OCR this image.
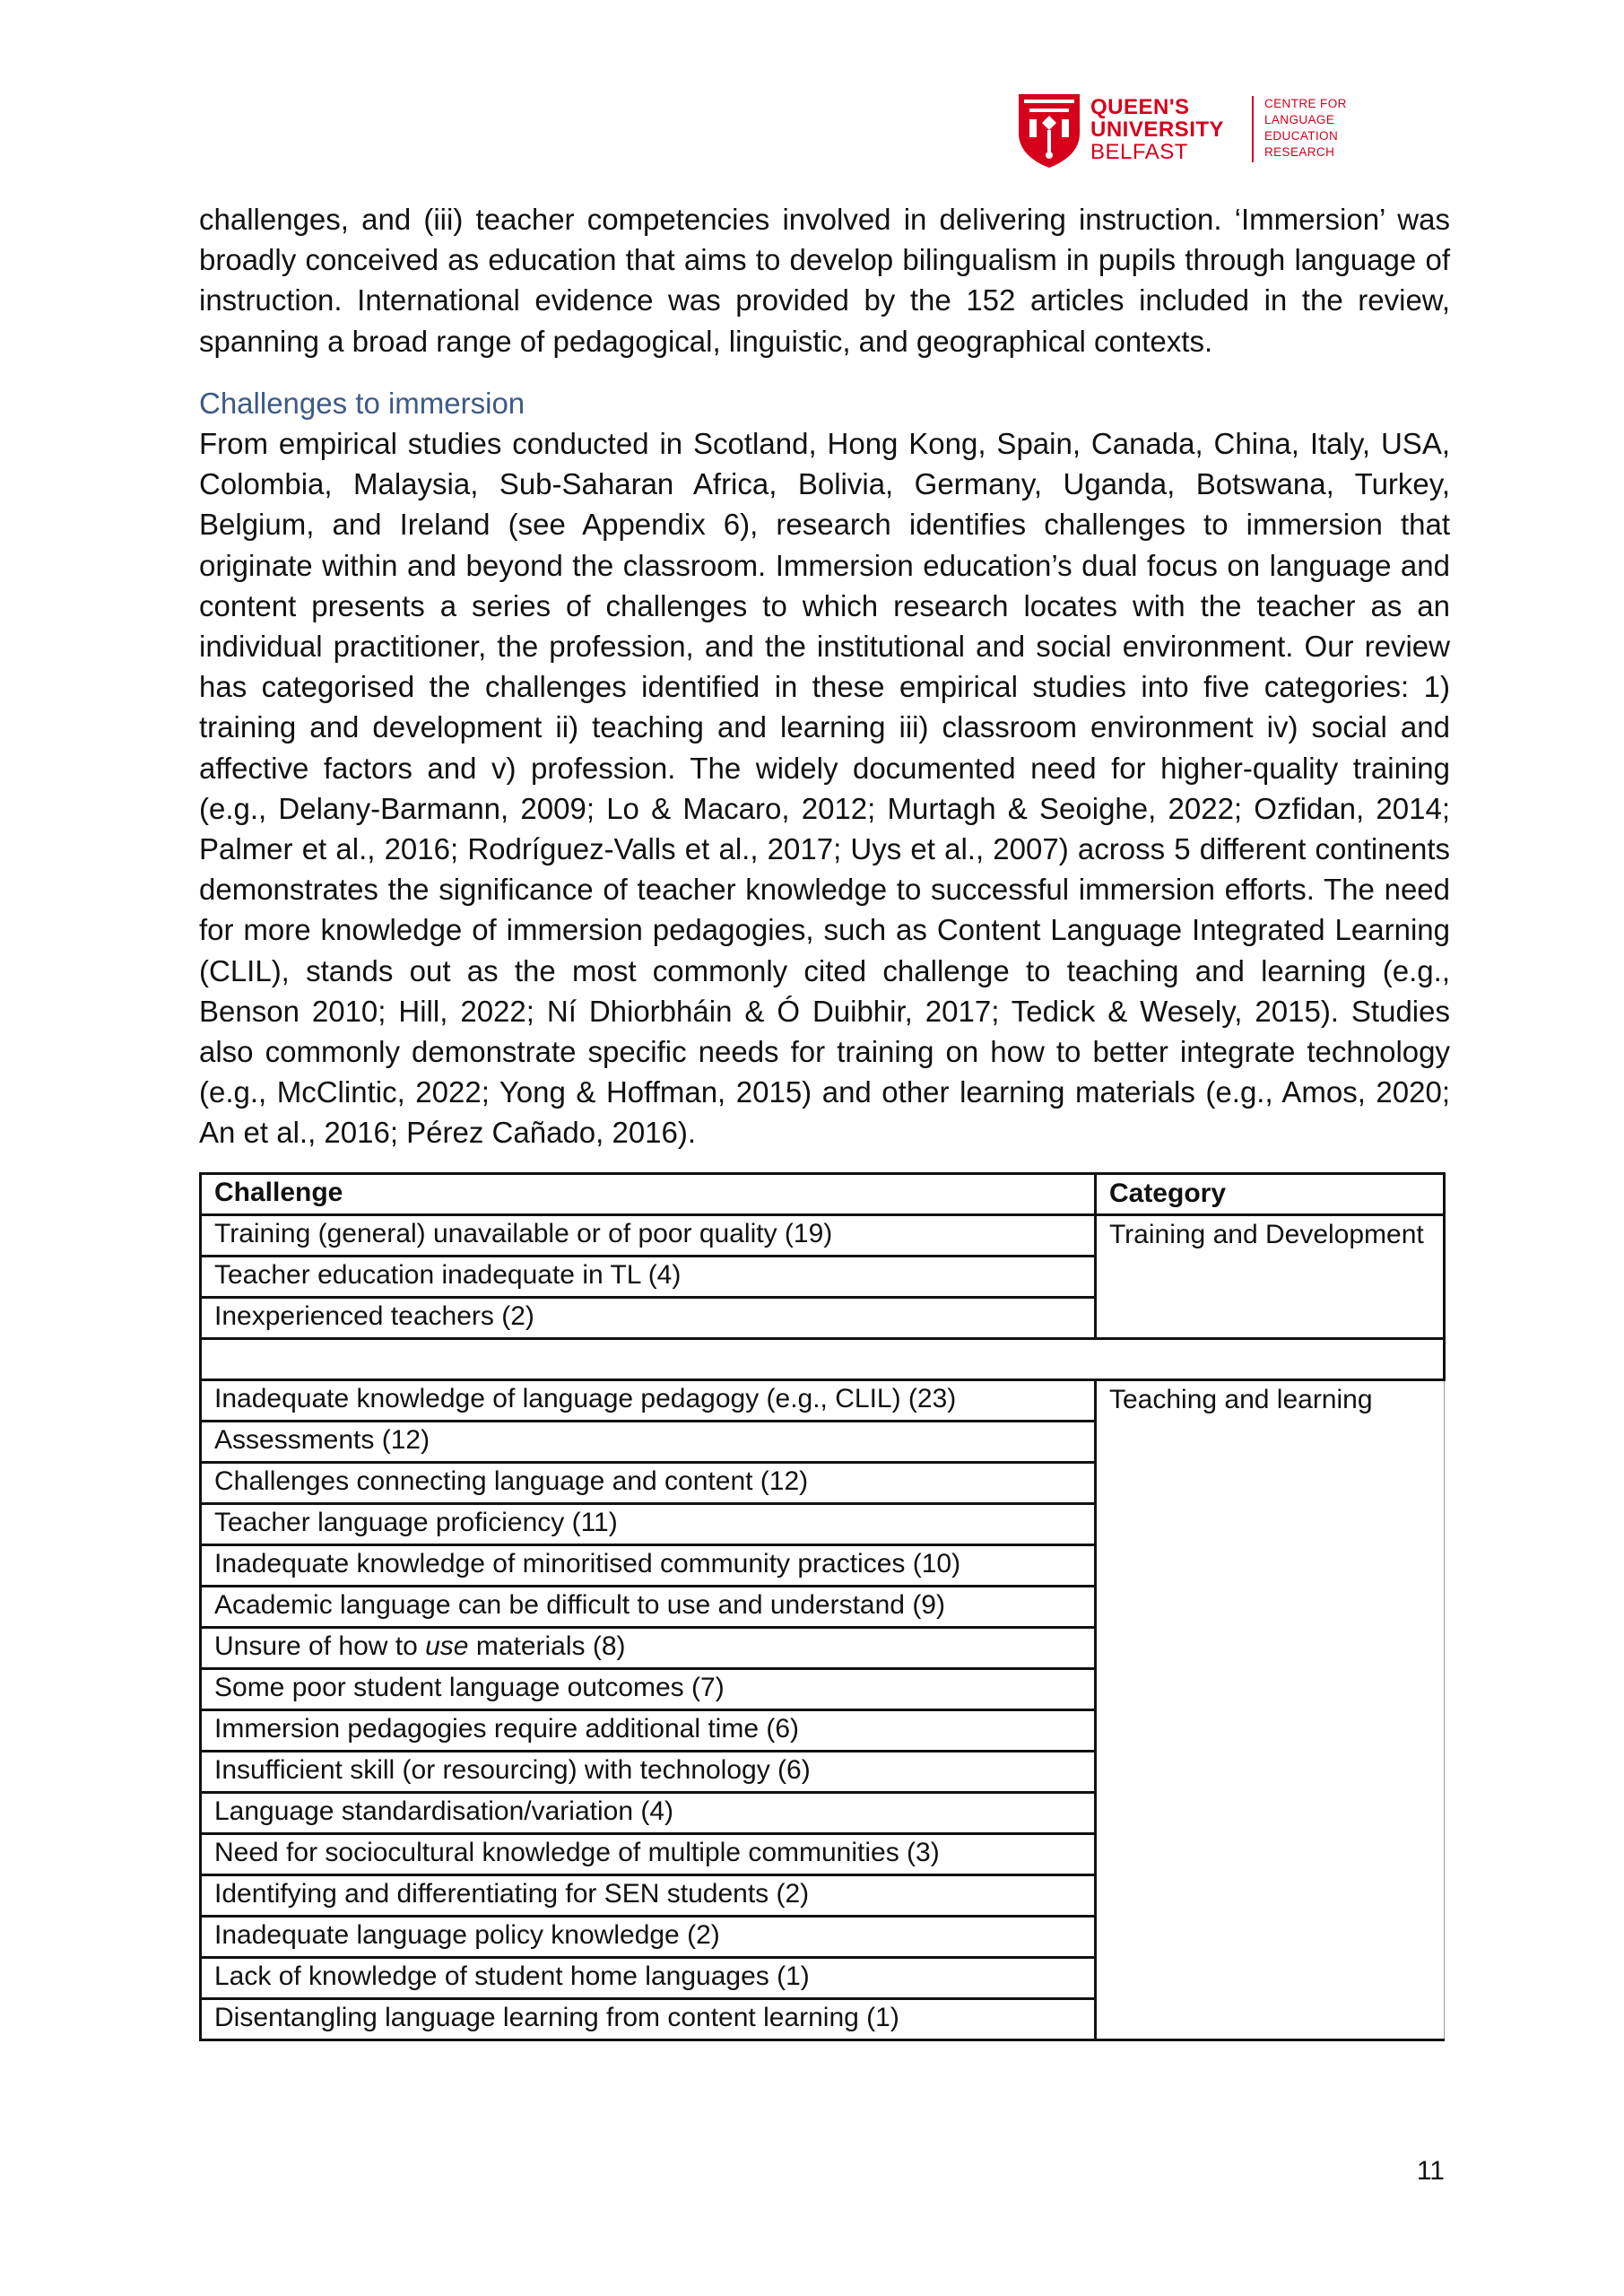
QUEEN'S
UNIVERSITY
BELFAST
CENTRE FOR
LANGUAGE
EDUCATION
RESEARCH

challenges, and (iii) teacher competencies involved in delivering instruction. ‘Immersion’ was broadly conceived as education that aims to develop bilingualism in pupils through language of instruction. International evidence was provided by the 152 articles included in the review, spanning a broad range of pedagogical, linguistic, and geographical contexts.

Challenges to immersion

From empirical studies conducted in Scotland, Hong Kong, Spain, Canada, China, Italy, USA, Colombia, Malaysia, Sub-Saharan Africa, Bolivia, Germany, Uganda, Botswana, Turkey, Belgium, and Ireland (see Appendix 6), research identifies challenges to immersion that originate within and beyond the classroom. Immersion education’s dual focus on language and content presents a series of challenges to which research locates with the teacher as an individual practitioner, the profession, and the institutional and social environment. Our review has categorised the challenges identified in these empirical studies into five categories: 1) training and development ii) teaching and learning iii) classroom environment iv) social and affective factors and v) profession. The widely documented need for higher-quality training (e.g., Delany-Barmann, 2009; Lo & Macaro, 2012; Murtagh & Seoighe, 2022; Ozfidan, 2014; Palmer et al., 2016; Rodríguez-Valls et al., 2017; Uys et al., 2007) across 5 different continents demonstrates the significance of teacher knowledge to successful immersion efforts. The need for more knowledge of immersion pedagogies, such as Content Language Integrated Learning (CLIL), stands out as the most commonly cited challenge to teaching and learning (e.g., Benson 2010; Hill, 2022; Ní Dhiorbháin & Ó Duibhir, 2017; Tedick & Wesely, 2015). Studies also commonly demonstrate specific needs for training on how to better integrate technology (e.g., McClintic, 2022; Yong & Hoffman, 2015) and other learning materials (e.g., Amos, 2020; An et al., 2016; Pérez Cañado, 2016).

Challenge	Category
Training (general) unavailable or of poor quality (19)	Training and Development
Teacher education inadequate in TL (4)	
Inexperienced teachers (2)	

Inadequate knowledge of language pedagogy (e.g., CLIL) (23)	Teaching and learning
Assessments (12)	
Challenges connecting language and content (12)	
Teacher language proficiency (11)	
Inadequate knowledge of minoritised community practices (10)	
Academic language can be difficult to use and understand (9)	
Unsure of how to use materials (8)	
Some poor student language outcomes (7)	
Immersion pedagogies require additional time (6)	
Insufficient skill (or resourcing) with technology (6)	
Language standardisation/variation (4)	
Need for sociocultural knowledge of multiple communities (3)	
Identifying and differentiating for SEN students (2)	
Inadequate language policy knowledge (2)	
Lack of knowledge of student home languages (1)	
Disentangling language learning from content learning (1)	
11
